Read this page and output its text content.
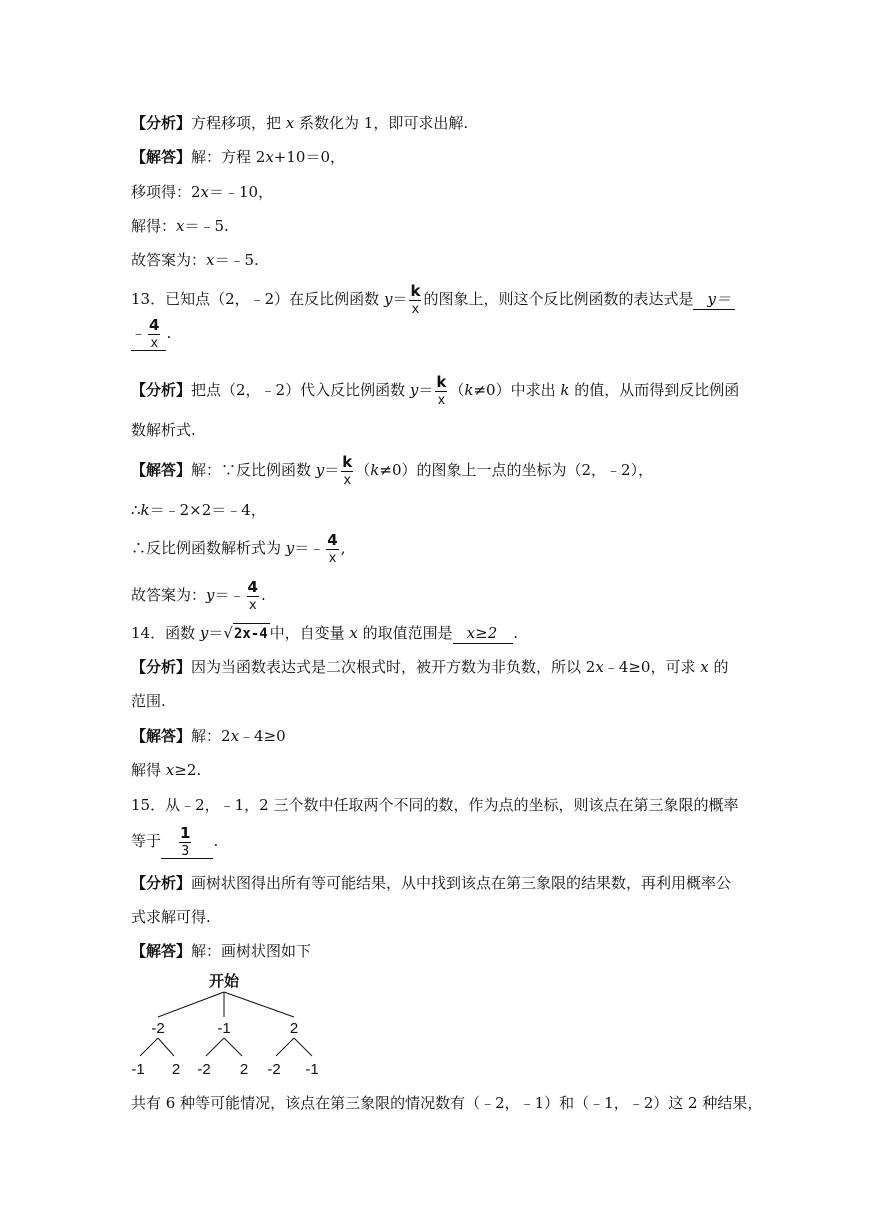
【分析】方程移项，把 x 系数化为 1，即可求出解.
【解答】解：方程 2x+10＝0，
移项得：2x＝﹣10，
解得：x＝﹣5.
故答案为：x＝﹣5.
13．已知点（2，﹣2）在反比例函数 $y= \frac{k}{x}$ 的图象上，则这个反比例函数的表达式是 y＝
﹣ $\frac{4}{x}$ .
【分析】把点（2，﹣2）代入反比例函数 $y= \frac{k}{x} (k\ne 0)$中求出 k 的值，从而得到反比例函
数解析式.
【解答】解：∵反比例函数 $y= \frac{k}{x} (k\ne 0)$的图象上一点的坐标为（2，﹣2），
∴k＝﹣2×2＝﹣4，
∴反比例函数解析式为 y＝﹣ $\frac{4}{x}$ ,
故答案为：y＝﹣ $\frac{4}{x}$ .
14．函数 y＝√2x-4 中，自变量 x 的取值范围是 x≥2 .
【分析】因为当函数表达式是二次根式时，被开方数为非负数，所以 2x﹣4≥0，可求 x 的
范围.
【解答】解：2x﹣4≥0
解得 x≥2.
15．从﹣2，﹣1，2 三个数中任取两个不同的数，作为点的坐标，则该点在第三象限的概率
等于 $\frac{1}{3}$ .
【分析】画树状图得出所有等可能结果，从中找到该点在第三象限的结果数，再利用概率公
式求解可得.
【解答】解：画树状图如下
开始
-2	-1	2
-1 2 -2 2 -2 -1
共有 6 种等可能情况，该点在第三象限的情况数有（﹣2，﹣1）和（﹣1，﹣2）这 2 种结果，
